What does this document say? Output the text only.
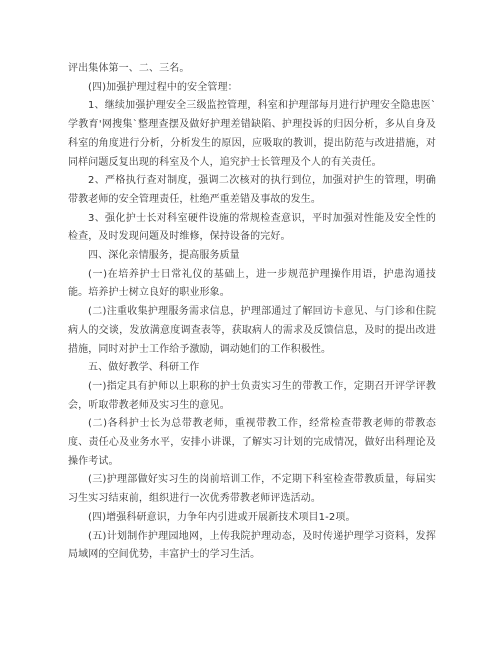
评出集体第一、二、三名。

(四)加强护理过程中的安全管理：

1、继续加强护理安全三级监控管理，科室和护理部每月进行护理安全隐患医`学教育'网搜集`整理查摆及做好护理差错缺陷、护理投诉的归因分析，多从自身及科室的角度进行分析，分析发生的原因，应吸取的教训，提出防范与改进措施，对同样问题反复出现的科室及个人，追究护士长管理及个人的有关责任。

2、严格执行查对制度，强调二次核对的执行到位，加强对护生的管理，明确带教老师的安全管理责任，杜绝严重差错及事故的发生。

3、强化护士长对科室硬件设施的常规检查意识，平时加强对性能及安全性的检查，及时发现问题及时维修，保持设备的完好。

四、深化亲情服务，提高服务质量

(一)在培养护士日常礼仪的基础上，进一步规范护理操作用语，护患沟通技能。培养护士树立良好的职业形象。

(二)注重收集护理服务需求信息，护理部通过了解回访卡意见、与门诊和住院病人的交谈，发放满意度调查表等，获取病人的需求及反馈信息，及时的提出改进措施，同时对护士工作给予激励，调动她们的工作积极性。

五、做好教学、科研工作

(一)指定具有护师以上职称的护士负责实习生的带教工作，定期召开评学评教会，听取带教老师及实习生的意见。

(二)各科护士长为总带教老师，重视带教工作，经常检查带教老师的带教态度、责任心及业务水平，安排小讲课，了解实习计划的完成情况，做好出科理论及操作考试。

(三)护理部做好实习生的岗前培训工作，不定期下科室检查带教质量，每届实习生实习结束前，组织进行一次优秀带教老师评选活动。

(四)增强科研意识，力争年内引进或开展新技术项目1-2项。

(五)计划制作护理园地网，上传我院护理动态，及时传递护理学习资料，发挥局域网的空间优势，丰富护士的学习生活。
